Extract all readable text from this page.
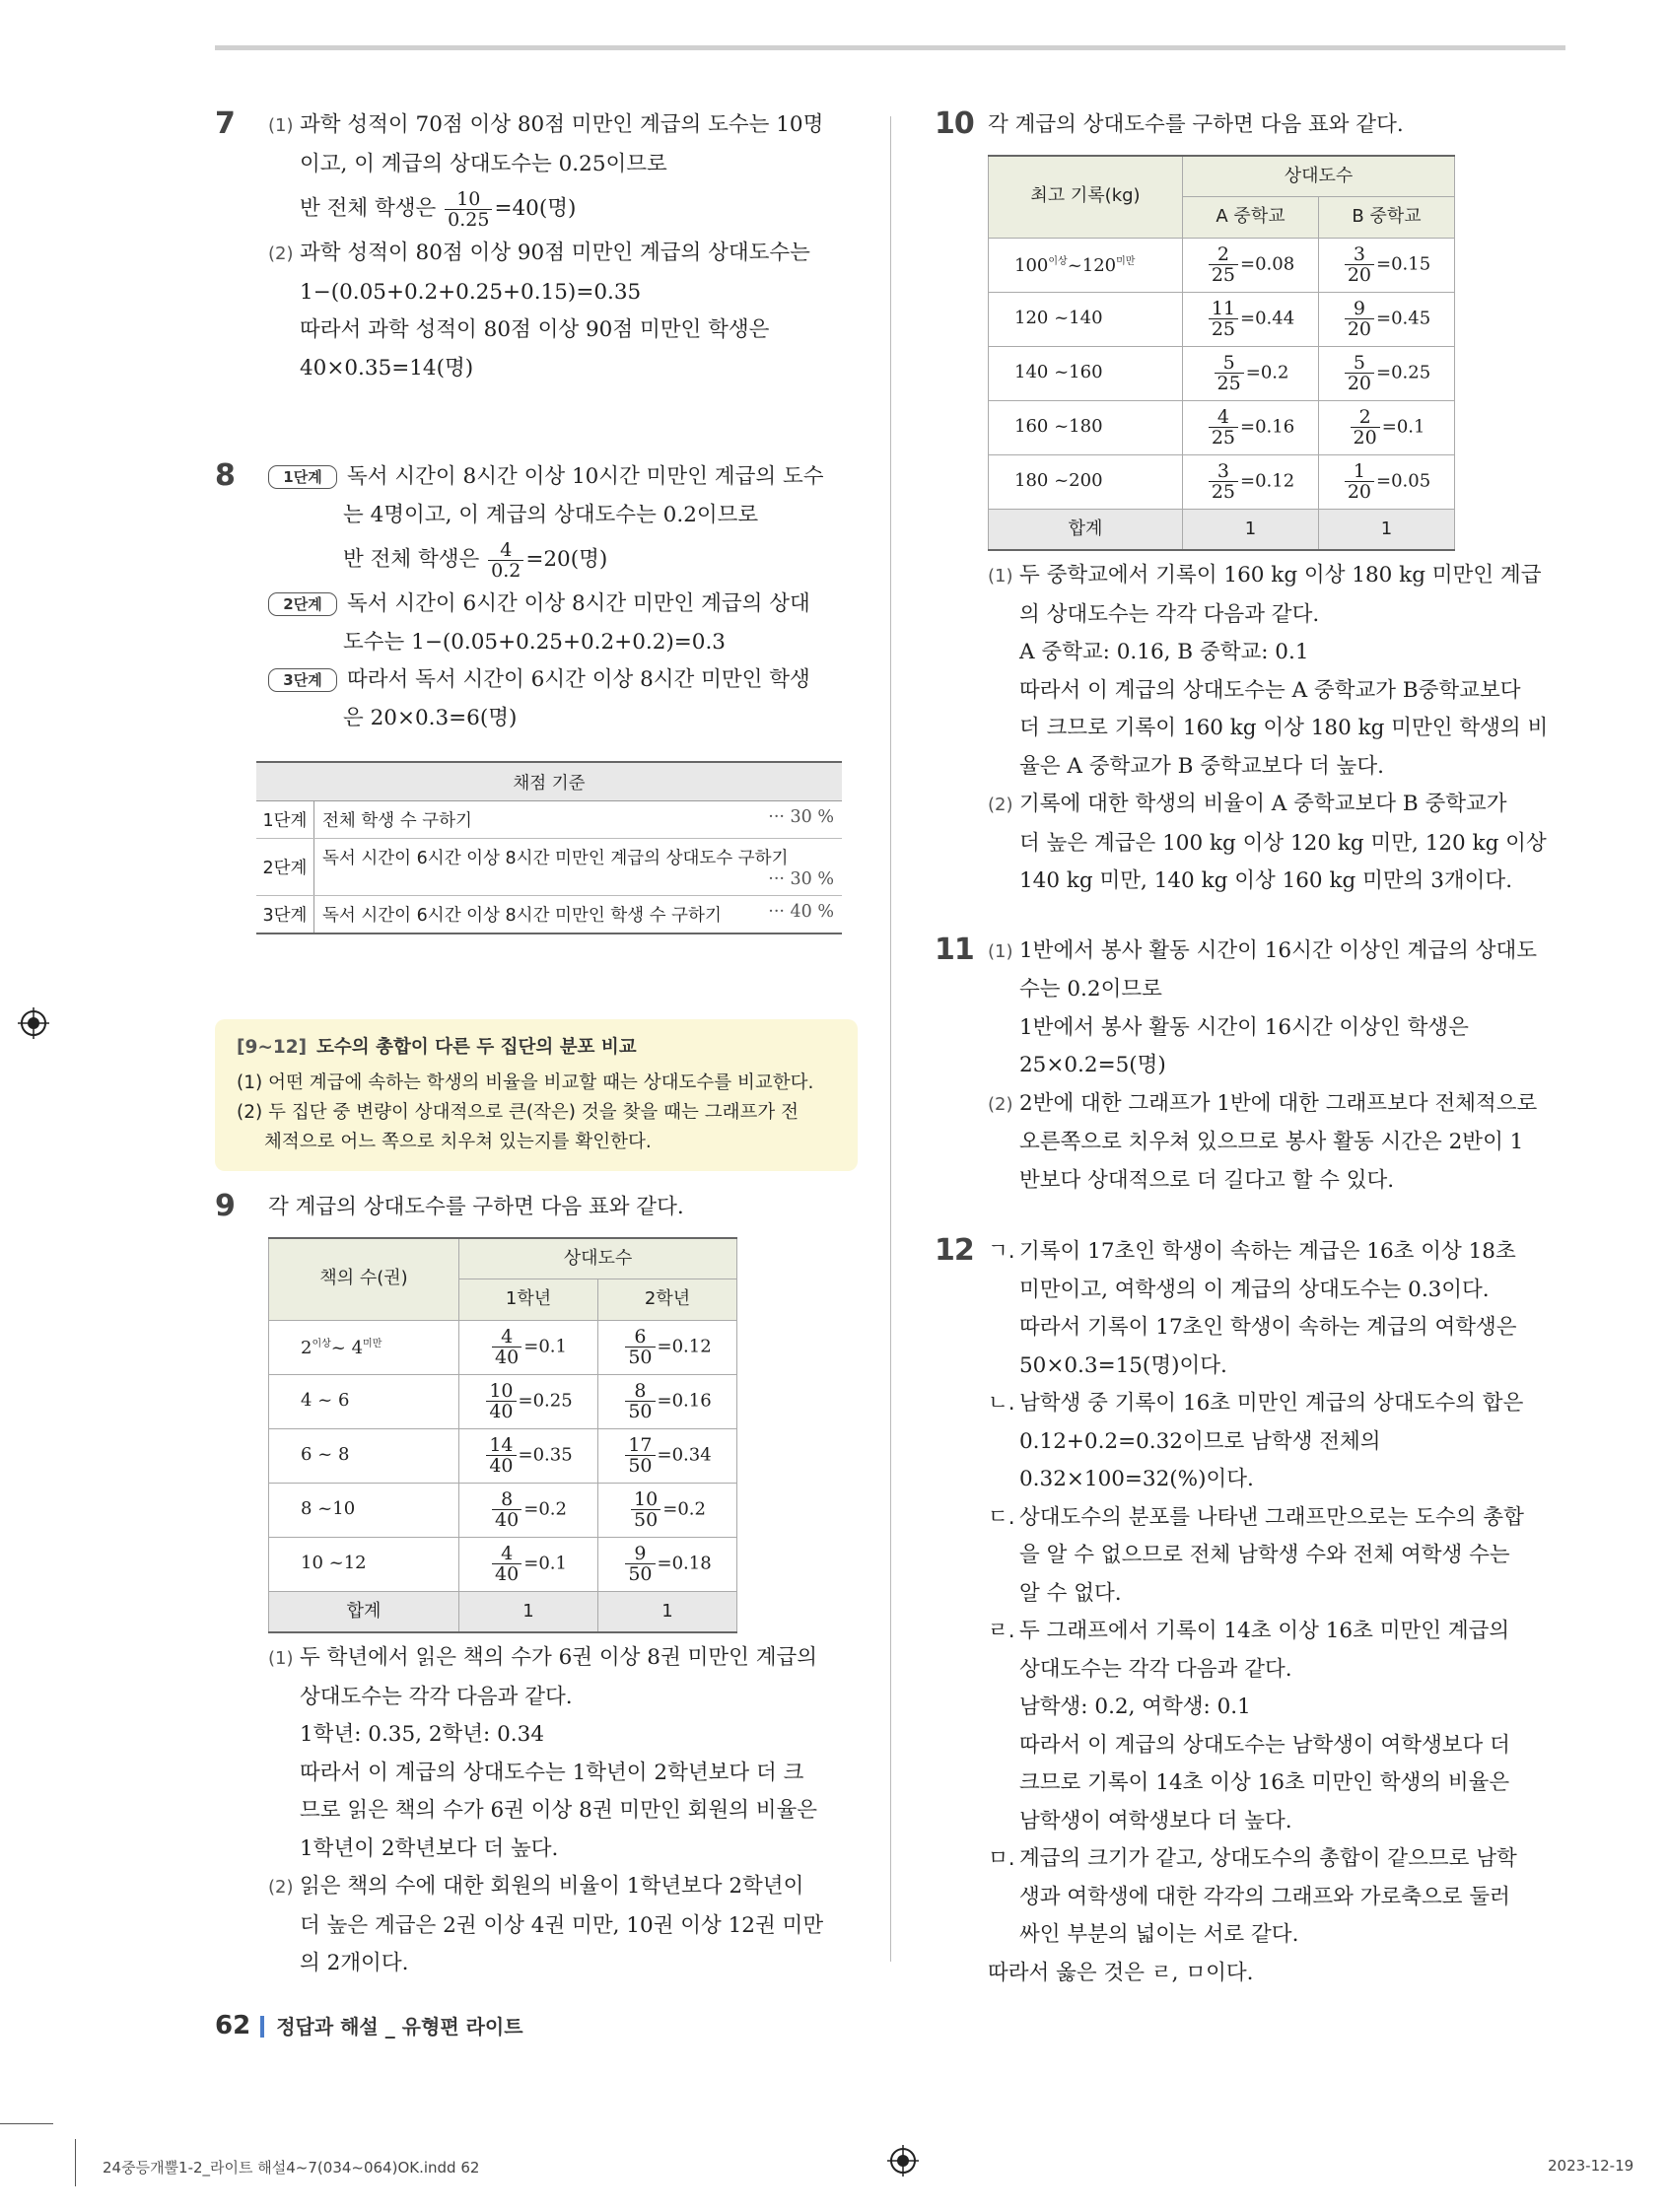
7 (1) 과학 성적이 70점 이상 80점 미만인 계급의 도수는 10명
이고, 이 계급의 상대도수는 0.25이므로
반 전체 학생은 $\frac{10}{0.25} =40$(명)
(2) 과학 성적이 80점 이상 90점 미만인 계급의 상대도수는
1−(0.05+0.2+0.25+0.15)=0.35
따라서 과학 성적이 80점 이상 90점 미만인 학생은
40×0.35=14(명)
8	1단계 독서 시간이 8시간 이상 10시간 미만인 계급의 도수
는 4명이고, 이 계급의 상대도수는 0.2이므로
반 전체 학생은 $\frac{4}{0.2} =20$(명)
2단계 독서 시간이 6시간 이상 8시간 미만인 계급의 상대
도수는 1−(0.05+0.25+0.2+0.2)=0.3
3단계 따라서 독서 시간이 6시간 이상 8시간 미만인 학생
은 20×0.3=6(명)
채점 기준	
1단계	전체 학생 수 구하기 ··· 30 %

2단계	독서 시간이 6시간 이상 8시간 미만인 계급의 상대도수 구하기
··· 30 %

3단계	독서 시간이 6시간 이상 8시간 미만인 학생 수 구하기 ··· 40 %
[9~12] 도수의 총합이 다른 두 집단의 분포 비교
(1) 어떤 계급에 속하는 학생의 비율을 비교할 때는 상대도수를 비교한다.
(2) 두 집단 중 변량이 상대적으로 큰(작은) 것을 찾을 때는 그래프가 전
체적으로 어느 쪽으로 치우쳐 있는지를 확인한다.
9 각 계급의 상대도수를 구하면 다음 표와 같다.
책의 수(권)	상대도수	
	1학년	2학년
$2^{이상}\sim$ $4^{미만}$	$\frac{4}{40} =0.1$	$\frac{6}{50} =0.12$
4 ~ 6	$\frac{10}{40} =0.25$	$\frac{8}{50} =0.16$
6 ~ 8	$\frac{14}{40} =0.35$	$\frac{17}{50} =0.34$
8 ~10	$\frac{8}{40} =0.2$	$\frac{10}{50} =0.2$
10 ~12	$\frac{4}{40} =0.1$	$\frac{9}{50} =0.18$
합계	1	1
(1) 두 학년에서 읽은 책의 수가 6권 이상 8권 미만인 계급의
상대도수는 각각 다음과 같다.
1학년: 0.35, 2학년: 0.34
따라서 이 계급의 상대도수는 1학년이 2학년보다 더 크
므로 읽은 책의 수가 6권 이상 8권 미만인 회원의 비율은
1학년이 2학년보다 더 높다.
(2) 읽은 책의 수에 대한 회원의 비율이 1학년보다 2학년이
더 높은 계급은 2권 이상 4권 미만, 10권 이상 12권 미만
의 2개이다.
10 각 계급의 상대도수를 구하면 다음 표와 같다.
최고 기록(kg)	상대도수	
	A 중학교	B 중학교
$100^{이상}\sim 120^{미만}$	$\frac{2}{25} =0.08$	$\frac{3}{20} =0.15$
120 ~140	$\frac{11}{25} =0.44$	$\frac{9}{20} =0.45$
140 ~160	$\frac{5}{25} =0.2$	$\frac{5}{20} =0.25$
160 ~180	$\frac{4}{25} =0.16$	$\frac{2}{20} =0.1$
180 ~200	$\frac{3}{25} =0.12$	$\frac{1}{20} =0.05$
합계	1	1
(1) 두 중학교에서 기록이 160 kg 이상 180 kg 미만인 계급
의 상대도수는 각각 다음과 같다.
A 중학교: 0.16, B 중학교: 0.1
따라서 이 계급의 상대도수는 A 중학교가 B중학교보다
더 크므로 기록이 160 kg 이상 180 kg 미만인 학생의 비
율은 A 중학교가 B 중학교보다 더 높다.
(2) 기록에 대한 학생의 비율이 A 중학교보다 B 중학교가
더 높은 계급은 100 kg 이상 120 kg 미만, 120 kg 이상
140 kg 미만, 140 kg 이상 160 kg 미만의 3개이다.
11 (1) 1반에서 봉사 활동 시간이 16시간 이상인 계급의 상대도
수는 0.2이므로
1반에서 봉사 활동 시간이 16시간 이상인 학생은
25×0.2=5(명)
(2) 2반에 대한 그래프가 1반에 대한 그래프보다 전체적으로
오른쪽으로 치우쳐 있으므로 봉사 활동 시간은 2반이 1
반보다 상대적으로 더 길다고 할 수 있다.
12 ㄱ. 기록이 17초인 학생이 속하는 계급은 16초 이상 18초
미만이고, 여학생의 이 계급의 상대도수는 0.3이다.
따라서 기록이 17초인 학생이 속하는 계급의 여학생은
50×0.3=15(명)이다.
ㄴ. 남학생 중 기록이 16초 미만인 계급의 상대도수의 합은
0.12+0.2=0.32이므로 남학생 전체의
0.32×100=32(%)이다.
ㄷ. 상대도수의 분포를 나타낸 그래프만으로는 도수의 총합
을 알 수 없으므로 전체 남학생 수와 전체 여학생 수는
알 수 없다.
ㄹ. 두 그래프에서 기록이 14초 이상 16초 미만인 계급의
상대도수는 각각 다음과 같다.
남학생: 0.2, 여학생: 0.1
따라서 이 계급의 상대도수는 남학생이 여학생보다 더
크므로 기록이 14초 이상 16초 미만인 학생의 비율은
남학생이 여학생보다 더 높다.
ㅁ. 계급의 크기가 같고, 상대도수의 총합이 같으므로 남학
생과 여학생에 대한 각각의 그래프와 가로축으로 둘러
싸인 부분의 넓이는 서로 같다.
따라서 옳은 것은 ㄹ, ㅁ이다.
62 정답과 해설 _ 유형편 라이트
24중등개뿔1-2_라이트 해설4~7(034~064)OK.indd 62	2023-12-19
